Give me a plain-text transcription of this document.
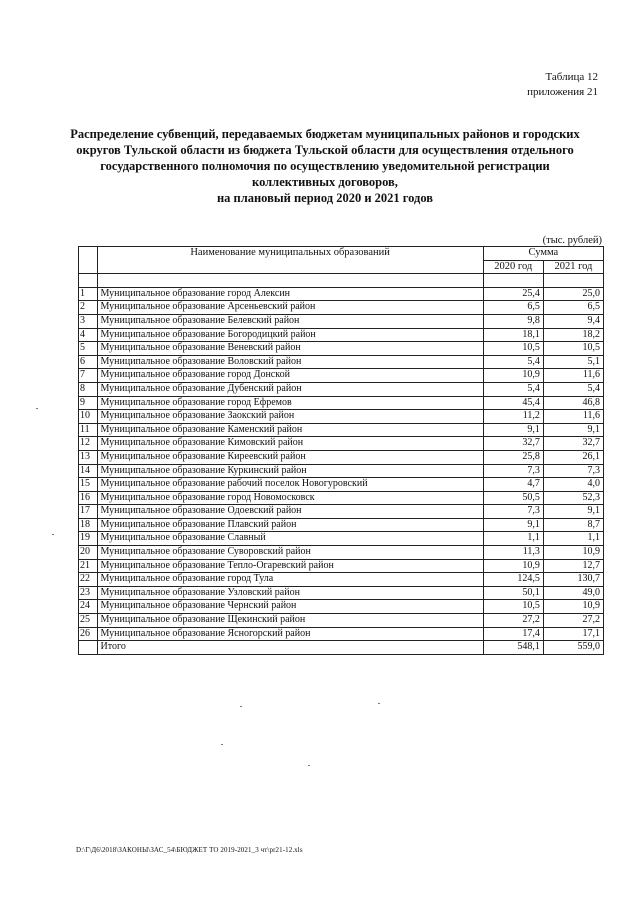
Таблица 12
приложения 21
Распределение субвенций, передаваемых бюджетам муниципальных районов и городских
округов Тульской области из бюджета Тульской области для осуществления отдельного
государственного полномочия по осуществлению уведомительной регистрации
коллективных договоров,
на плановый период 2020 и 2021 годов
(тыс. рублей)
	Наименование муниципальных образований	Сумма	
		2020 год	2021 год

1	Муниципальное образование город Алексин	25,4	25,0
2	Муниципальное образование Арсеньевский район	6,5	6,5
3	Муниципальное образование Белевский район	9,8	9,4
4	Муниципальное образование Богородицкий район	18,1	18,2
5	Муниципальное образование Веневский район	10,5	10,5
6	Муниципальное образование Воловский район	5,4	5,1
7	Муниципальное образование город Донской	10,9	11,6
8	Муниципальное образование Дубенский район	5,4	5,4
9	Муниципальное образование город Ефремов	45,4	46,8
10	Муниципальное образование Заокский район	11,2	11,6
11	Муниципальное образование Каменский район	9,1	9,1
12	Муниципальное образование Кимовский район	32,7	32,7
13	Муниципальное образование Киреевский район	25,8	26,1
14	Муниципальное образование Куркинский район	7,3	7,3
15	Муниципальное образование рабочий поселок Новогуровский	4,7	4,0
16	Муниципальное образование город Новомосковск	50,5	52,3
17	Муниципальное образование Одоевский район	7,3	9,1
18	Муниципальное образование Плавский район	9,1	8,7
19	Муниципальное образование Славный	1,1	1,1
20	Муниципальное образование Суворовский район	11,3	10,9
21	Муниципальное образование Тепло-Огаревский район	10,9	12,7
22	Муниципальное образование город Тула	124,5	130,7
23	Муниципальное образование Узловский район	50,1	49,0
24	Муниципальное образование Чернский район	10,5	10,9
25	Муниципальное образование Щекинский район	27,2	27,2
26	Муниципальное образование Ясногорский район	17,4	17,1
	Итого	548,1	559,0
D:\Г\Д6\2018\ЗАКОНЫ\ЗАС_54\БЮДЖЕТ ТО 2019-2021_3 чт\pr21-12.xls
